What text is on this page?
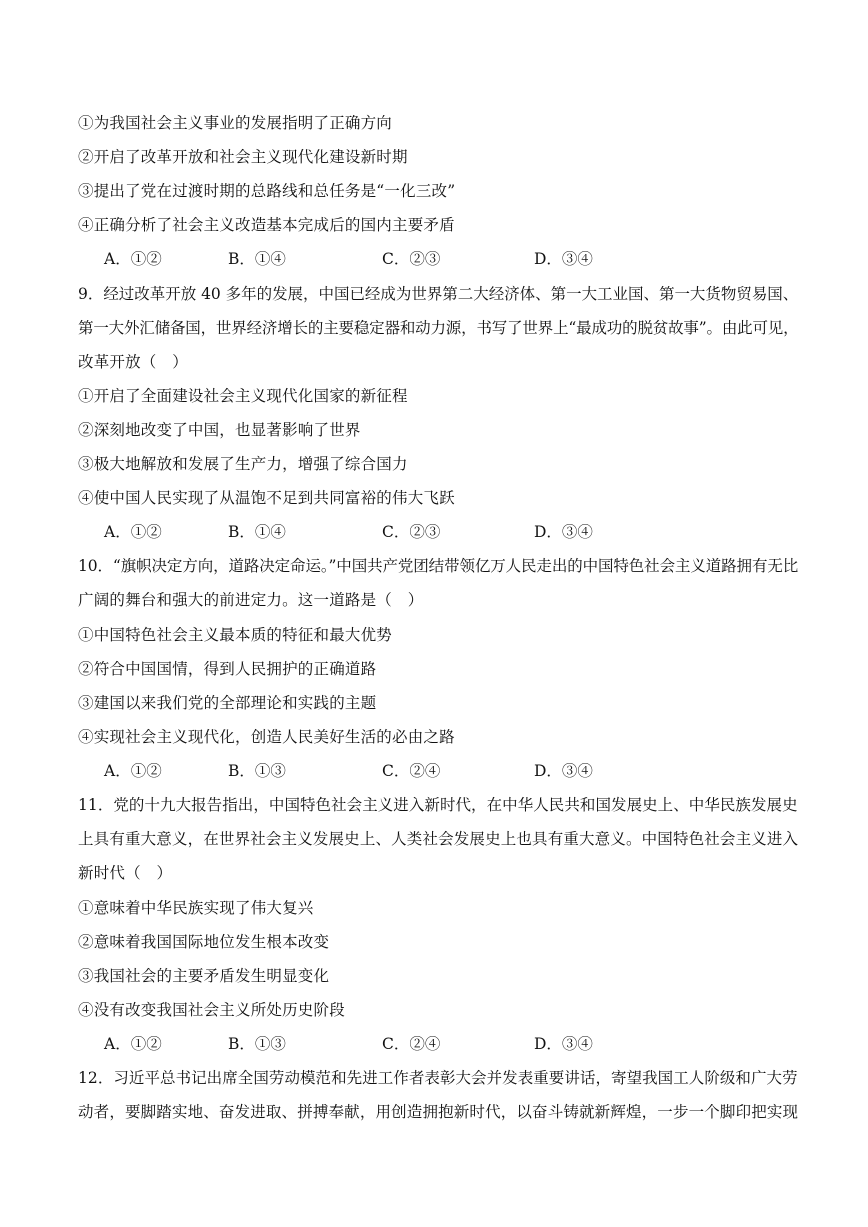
①为我国社会主义事业的发展指明了正确方向
②开启了改革开放和社会主义现代化建设新时期
③提出了党在过渡时期的总路线和总任务是“一化三改”
④正确分析了社会主义改造基本完成后的国内主要矛盾
A．①②	B．①④	C．②③	D．③④
9．经过改革开放 40 多年的发展，中国已经成为世界第二大经济体、第一大工业国、第一大货物贸易国、
第一大外汇储备国，世界经济增长的主要稳定器和动力源，书写了世界上“最成功的脱贫故事”。由此可见，
改革开放（　）
①开启了全面建设社会主义现代化国家的新征程
②深刻地改变了中国，也显著影响了世界
③极大地解放和发展了生产力，增强了综合国力
④使中国人民实现了从温饱不足到共同富裕的伟大飞跃
A．①②	B．①④	C．②③	D．③④
10．“旗帜决定方向，道路决定命运。”中国共产党团结带领亿万人民走出的中国特色社会主义道路拥有无比
广阔的舞台和强大的前进定力。这一道路是（　）
①中国特色社会主义最本质的特征和最大优势
②符合中国国情，得到人民拥护的正确道路
③建国以来我们党的全部理论和实践的主题
④实现社会主义现代化，创造人民美好生活的必由之路
A．①②	B．①③	C．②④	D．③④
11．党的十九大报告指出，中国特色社会主义进入新时代，在中华人民共和国发展史上、中华民族发展史
上具有重大意义，在世界社会主义发展史上、人类社会发展史上也具有重大意义。中国特色社会主义进入
新时代（　）
①意味着中华民族实现了伟大复兴
②意味着我国国际地位发生根本改变
③我国社会的主要矛盾发生明显变化
④没有改变我国社会主义所处历史阶段
A．①②	B．①③	C．②④	D．③④
12．习近平总书记出席全国劳动模范和先进工作者表彰大会并发表重要讲话，寄望我国工人阶级和广大劳
动者，要脚踏实地、奋发进取、拼搏奉献，用创造拥抱新时代，以奋斗铸就新辉煌，一步一个脚印把实现
